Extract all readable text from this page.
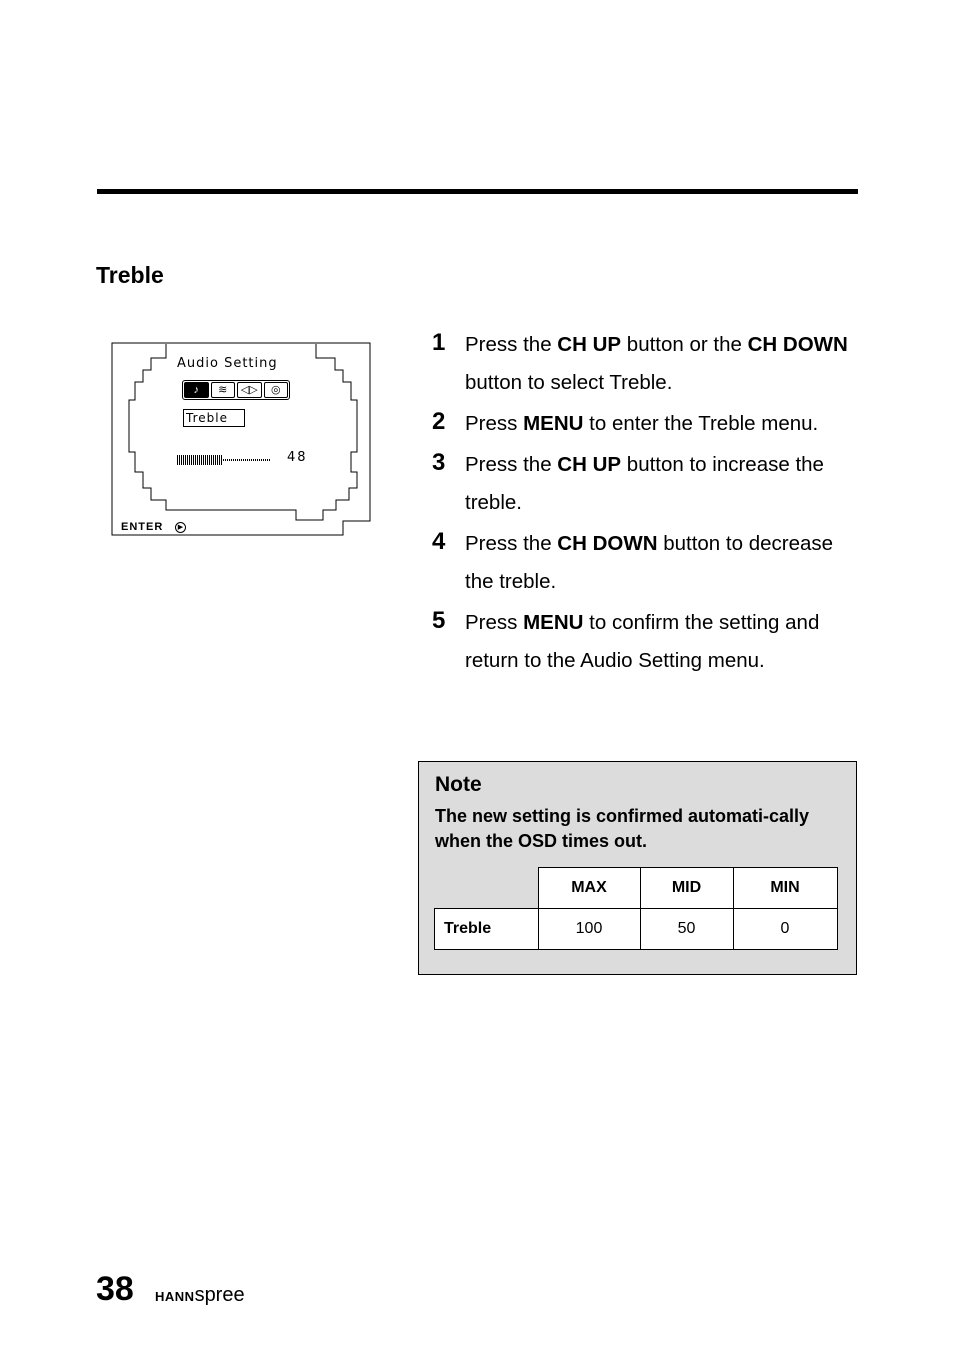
Treble
Audio Setting
♪	≋	◁▷	◎
Treble
48
ENTER	▶
1 Press the CH UP button or the CH DOWN button to select Treble.
2 Press MENU to enter the Treble menu.
3 Press the CH UP button to increase the treble.
4 Press the CH DOWN button to decrease the treble.
5 Press MENU to confirm the setting and return to the Audio Setting menu.
Note
The new setting is confirmed automati-cally when the OSD times out.
	MAX	MID	MIN
Treble	100	50	0
38 HANNspree
